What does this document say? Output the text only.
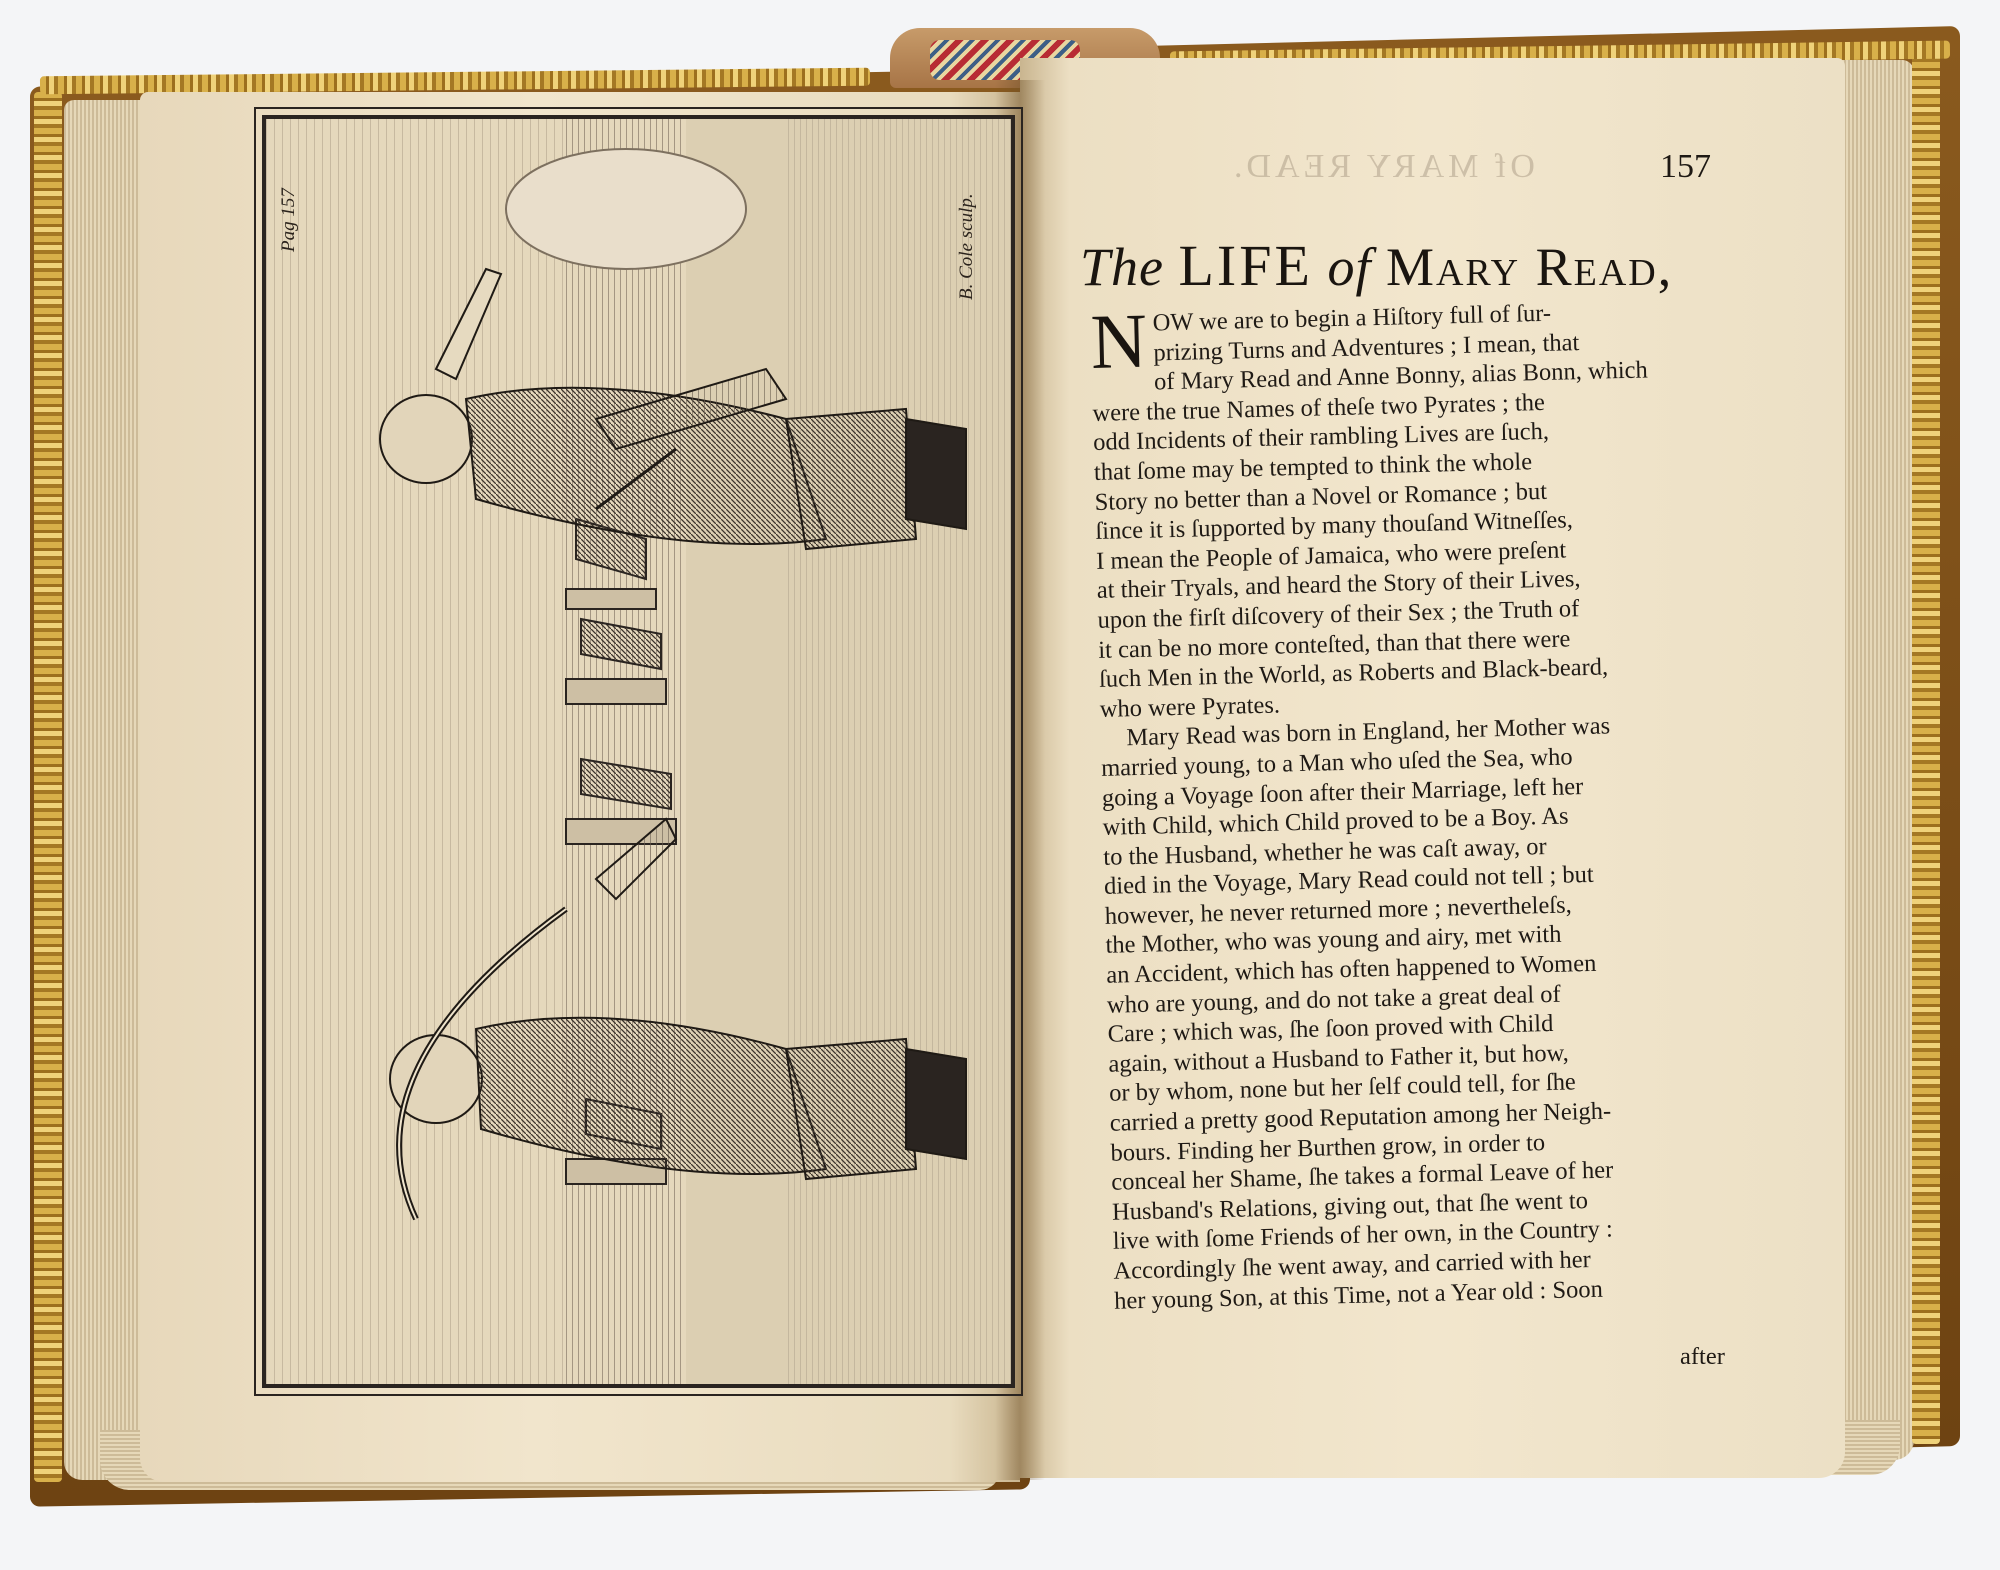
Pag 157	B. Cole sculp.
Of MARY READ.	157
The LIFE of Mary Read,
N OW we are to begin a Hiſtory full of ſur-
prizing Turns and Adventures ; I mean, that
of Mary Read and Anne Bonny, alias Bonn, which
were the true Names of theſe two Pyrates ; the
odd Incidents of their rambling Lives are ſuch,
that ſome may be tempted to think the whole
Story no better than a Novel or Romance ; but
ſince it is ſupported by many thouſand Witneſſes,
I mean the People of Jamaica, who were preſent
at their Tryals, and heard the Story of their Lives,
upon the firſt diſcovery of their Sex ; the Truth of
it can be no more conteſted, than that there were
ſuch Men in the World, as Roberts and Black-beard,
who were Pyrates.
Mary Read was born in England, her Mother was
married young, to a Man who uſed the Sea, who
going a Voyage ſoon after their Marriage, left her
with Child, which Child proved to be a Boy. As
to the Husband, whether he was caſt away, or
died in the Voyage, Mary Read could not tell ; but
however, he never returned more ; nevertheleſs,
the Mother, who was young and airy, met with
an Accident, which has often happened to Women
who are young, and do not take a great deal of
Care ; which was, ſhe ſoon proved with Child
again, without a Husband to Father it, but how,
or by whom, none but her ſelf could tell, for ſhe
carried a pretty good Reputation among her Neigh-
bours. Finding her Burthen grow, in order to
conceal her Shame, ſhe takes a formal Leave of her
Husband's Relations, giving out, that ſhe went to
live with ſome Friends of her own, in the Country :
Accordingly ſhe went away, and carried with her
her young Son, at this Time, not a Year old : Soon
after
